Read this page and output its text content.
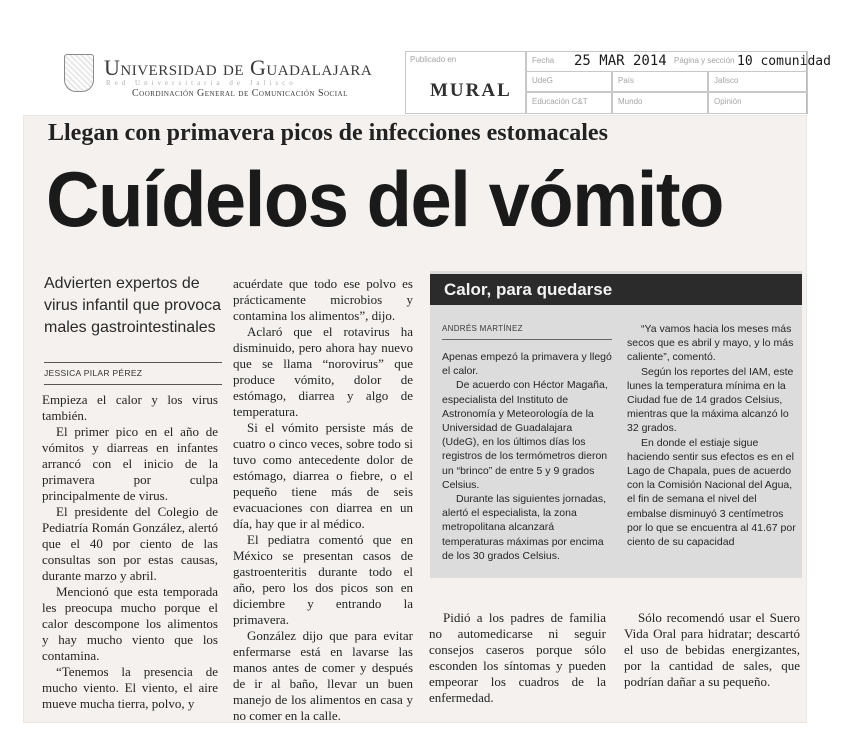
Universidad de Guadalajara
Red Universitaria de Jalisco
Coordinación General de Comunicación Social
Publicado en	Fecha	Página y sección
UdeG	País	Jalisco
Educación C&T	Mundo	Opinión
MURAL
25 MAR 2014	10 comunidad
Llegan con primavera picos de infecciones estomacales
Cuídelos del vómito
Advierten expertos de virus infantil que provoca males gastrointestinales
JESSICA PILAR PÉREZ

Empieza el calor y los virus también.

El primer pico en el año de vómitos y diarreas en infantes arrancó con el inicio de la primavera por culpa principalmente de virus.

El presidente del Colegio de Pediatría Román González, alertó que el 40 por ciento de las consultas son por estas causas, durante marzo y abril.

Mencionó que esta temporada les preocupa mucho porque el calor descompone los alimentos y hay mucho viento que los contamina.

“Tenemos la presencia de mucho viento. El viento, el aire mueve mucha tierra, polvo, y

acuérdate que todo ese polvo es prácticamente microbios y contamina los alimentos”, dijo.

Aclaró que el rotavirus ha disminuido, pero ahora hay nuevo que se llama “norovirus” que produce vómito, dolor de estómago, diarrea y algo de temperatura.

Si el vómito persiste más de cuatro o cinco veces, sobre todo si tuvo como antecedente dolor de estómago, diarrea o fiebre, o el pequeño tiene más de seis evacuaciones con diarrea en un día, hay que ir al médico.

El pediatra comentó que en México se presentan casos de gastroenteritis durante todo el año, pero los dos picos son en diciembre y entrando la primavera.

González dijo que para evitar enfermarse está en lavarse las manos antes de comer y después de ir al baño, llevar un buen manejo de los alimentos en casa y no comer en la calle.

Calor, para quedarse
ANDRÉS MARTÍNEZ

Apenas empezó la primavera y llegó el calor.

De acuerdo con Héctor Magaña, especialista del Instituto de Astronomía y Meteorología de la Universidad de Guadalajara (UdeG), en los últimos días los registros de los termómetros dieron un “brinco” de entre 5 y 9 grados Celsius.

Durante las siguientes jornadas, alertó el especialista, la zona metropolitana alcanzará temperaturas máximas por encima de los 30 grados Celsius.

“Ya vamos hacia los meses más secos que es abril y mayo, y lo más caliente”, comentó.

Según los reportes del IAM, este lunes la temperatura mínima en la Ciudad fue de 14 grados Celsius, mientras que la máxima alcanzó lo 32 grados.

En donde el estiaje sigue haciendo sentir sus efectos es en el Lago de Chapala, pues de acuerdo con la Comisión Nacional del Agua, el fin de semana el nivel del embalse disminuyó 3 centímetros por lo que se encuentra al 41.67 por ciento de su capacidad

Pidió a los padres de familia no automedicarse ni seguir consejos caseros porque sólo esconden los síntomas y pueden empeorar los cuadros de la enfermedad.

Sólo recomendó usar el Suero Vida Oral para hidratar; descartó el uso de bebidas energizantes, por la cantidad de sales, que podrían dañar a su pequeño.
